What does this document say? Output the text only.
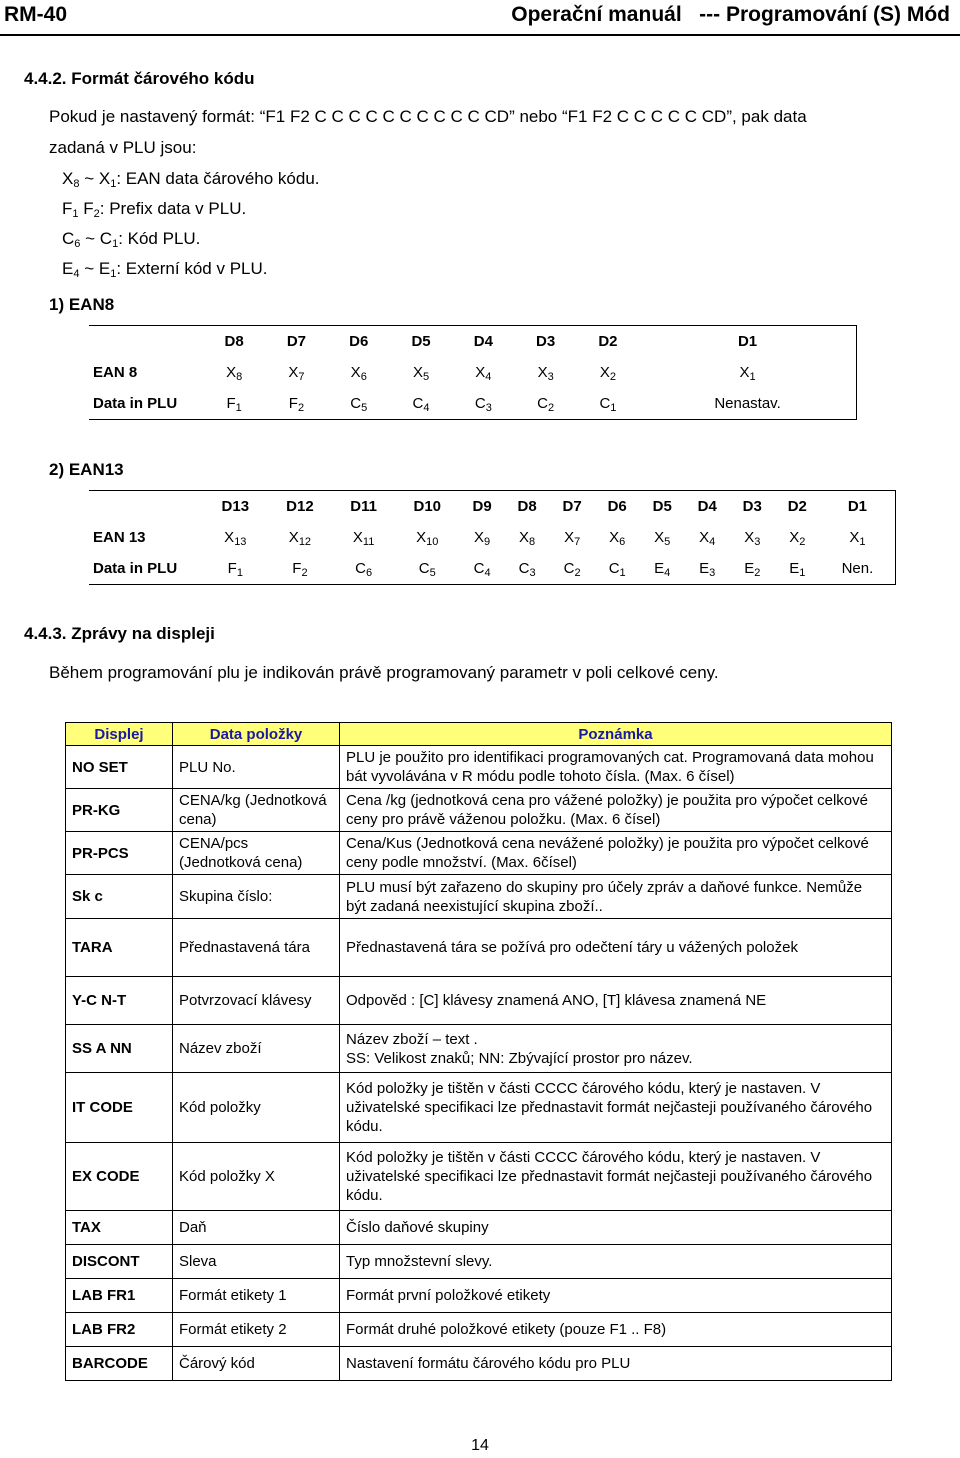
RM-40	Operační manuál   --- Programování (S) Mód
4.4.2. Formát čárového kódu
Pokud je nastavený formát: “F1 F2 C C C C C C C C C C CD” nebo “F1 F2 C C C C C CD”, pak data
zadaná v PLU jsou:
$X_8$ ~ $X_1$: EAN data čárového kódu.
$F_1$ $F_2$: Prefix data v PLU.
$C_6$ ~ $C_1$: Kód PLU.
$E_4$ ~ $E_1$: Externí kód v PLU.
1) EAN8
	D8	D7	D6	D5	D4	D3	D2	D1
EAN 8	$X_8$	$X_7$	$X_6$	$X_5$	$X_4$	$X_3$	$X_2$	$X_1$
Data in PLU	$F_1$	$F_2$	$C_5$	$C_4$	$C_3$	$C_2$	$C_1$	Nenastav.
2) EAN13
	D13	D12	D11	D10	D9	D8	D7	D6	D5	D4	D3	D2	D1
EAN 13	$X_{13}$	$X_{12}$	$X_{11}$	$X_{10}$	$X_9$	$X_8$	$X_7$	$X_6$	$X_5$	$X_4$	$X_3$	$X_2$	$X_1$
Data in PLU	$F_1$	$F_2$	$C_6$	$C_5$	$C_4$	$C_3$	$C_2$	$C_1$	$E_4$	$E_3$	$E_2$	$E_1$	Nen.
4.4.3. Zprávy na displeji
Během programování plu je indikován právě programovaný parametr v poli celkové ceny.
Displej	Data položky	Poznámka
NO SET	PLU No.	PLU je použito pro identifikaci programovaných cat. Programovaná data mohou bát vyvolávána v R módu podle tohoto čísla. (Max. 6 čísel)
PR-KG	CENA/kg (Jednotková cena)	Cena /kg (jednotková cena pro vážené položky) je použita pro výpočet celkové ceny pro právě váženou položku. (Max. 6 čísel)
PR-PCS	CENA/pcs (Jednotková cena)	Cena/Kus (Jednotková cena nevážené položky) je použita pro výpočet celkové ceny podle množství. (Max. 6čísel)
Sk c	Skupina číslo:	PLU musí být zařazeno do skupiny pro účely zpráv a daňové funkce. Nemůže být zadaná neexistující skupina zboží..
TARA	Přednastavená tára	Přednastavená tára se požívá pro odečtení táry u vážených položek
Y-C N-T	Potvrzovací klávesy	Odpověd : [C] klávesy znamená ANO, [T] klávesa znamená NE
SS A NN	Název zboží	Název zboží – text .
SS: Velikost znaků; NN: Zbývající prostor pro název.
IT CODE	Kód položky	Kód položky je tištěn v části CCCC čárového kódu, který je nastaven. V uživatelské specifikaci lze přednastavit formát nejčasteji používaného čárového kódu.
EX CODE	Kód položky X	Kód položky je tištěn v části CCCC čárového kódu, který je nastaven. V uživatelské specifikaci lze přednastavit formát nejčasteji používaného čárového kódu.
TAX	Daň	Číslo daňové skupiny
DISCONT	Sleva	Typ množstevní slevy.
LAB FR1	Formát etikety 1	Formát první položkové etikety
LAB FR2	Formát etikety 2	Formát druhé položkové etikety (pouze F1 .. F8)
BARCODE	Čárový kód	Nastavení formátu čárového kódu pro PLU
14
